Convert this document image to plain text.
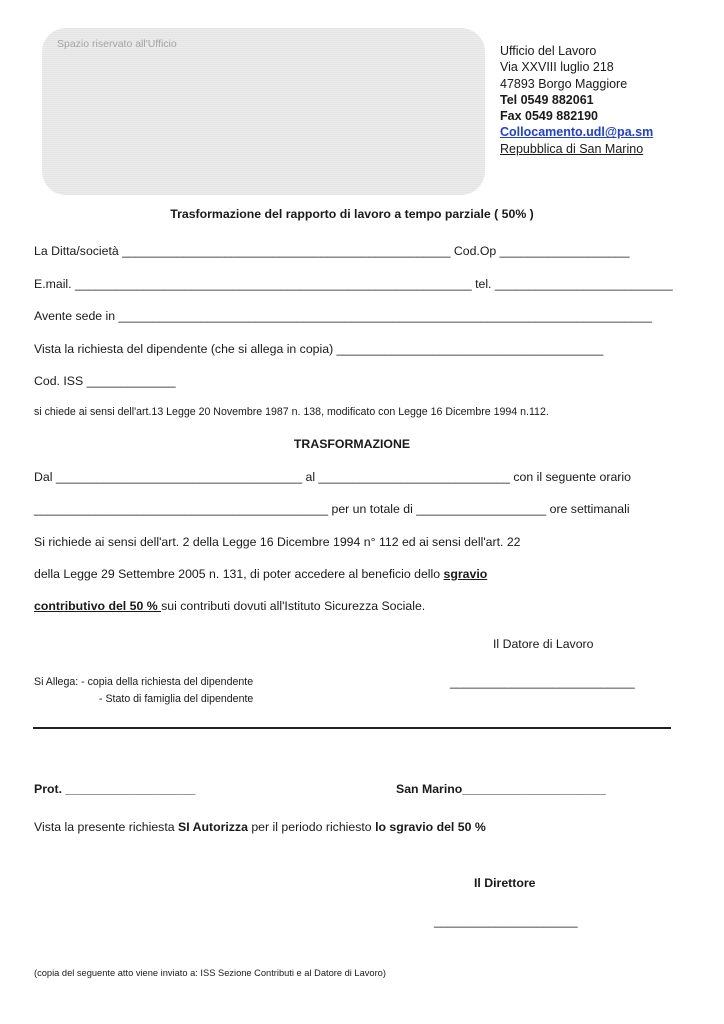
Spazio riservato all'Ufficio	Ufficio del Lavoro
Via XXVIII luglio 218
47893 Borgo Maggiore
Tel 0549 882061
Fax 0549 882190
Collocamento.udl@pa.sm
Repubblica di San Marino
Trasformazione del rapporto di lavoro a tempo parziale ( 50% )
La Ditta/società ________________________________________________ Cod.Op ___________________
E.mail. __________________________________________________________ tel. __________________________
Avente sede in ______________________________________________________________________________
Vista la richiesta del dipendente (che si allega in copia) _______________________________________
Cod. ISS _____________
si chiede ai sensi dell'art.13 Legge 20 Novembre 1987 n. 138, modificato con Legge 16 Dicembre 1994 n.112.
TRASFORMAZIONE
Dal ____________________________________ al ____________________________ con il seguente orario
___________________________________________ per un totale di ___________________ ore settimanali
Si richiede ai sensi dell'art. 2 della Legge 16 Dicembre 1994 n° 112 ed ai sensi dell'art. 22
della Legge 29 Settembre 2005 n. 131, di poter accedere al beneficio dello sgravio
contributivo del 50 % sui contributi dovuti all'Istituto Sicurezza Sociale.
Il Datore di Lavoro
Si Allega: - copia della richiesta del dipendente	___________________________
- Stato di famiglia del dipendente
Prot. ___________________	San Marino_____________________
Vista la presente richiesta SI Autorizza per il periodo richiesto lo sgravio del 50 %
Il Direttore
_____________________
(copia del seguente atto viene inviato a: ISS Sezione Contributi e al Datore di Lavoro)
